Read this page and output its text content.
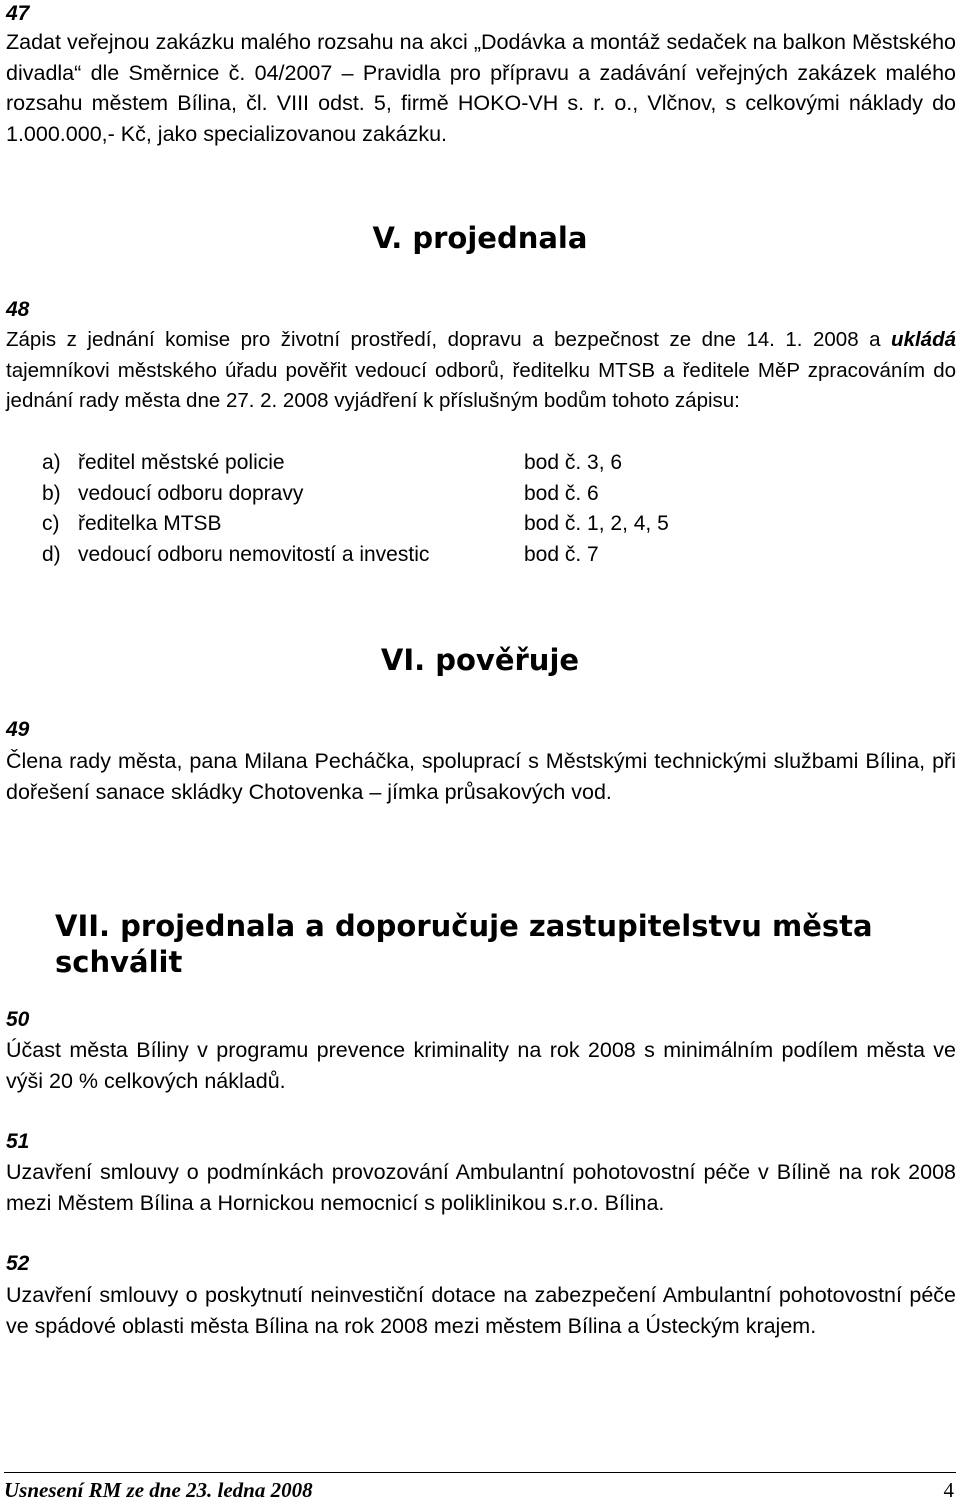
47
Zadat veřejnou zakázku malého rozsahu na akci „Dodávka a montáž sedaček na balkon Městského divadla“ dle Směrnice č. 04/2007 – Pravidla pro přípravu a zadávání veřejných zakázek malého rozsahu městem Bílina, čl. VIII odst. 5, firmě HOKO-VH s. r. o., Vlčnov, s celkovými náklady do 1.000.000,- Kč, jako specializovanou zakázku.
V. projednala
48
Zápis z jednání komise pro životní prostředí, dopravu a bezpečnost ze dne 14. 1. 2008 a ukládá tajemníkovi městského úřadu pověřit vedoucí odborů, ředitelku MTSB a ředitele MěP zpracováním do jednání rady města dne 27. 2. 2008 vyjádření k příslušným bodům tohoto zápisu:
a) ředitel městské policie	bod č. 3, 6
b) vedoucí odboru dopravy	bod č. 6
c) ředitelka MTSB	bod č. 1, 2, 4, 5
d) vedoucí odboru nemovitostí a investic	bod č. 7
VI. pověřuje
49
Člena rady města, pana Milana Pecháčka, spoluprací s Městskými technickými službami Bílina, při dořešení sanace skládky Chotovenka – jímka průsakových vod.
VII. projednala a doporučuje zastupitelstvu města schválit
50
Účast města Bíliny v programu prevence kriminality na rok 2008 s minimálním podílem města ve výši 20 % celkových nákladů.
51
Uzavření smlouvy o podmínkách provozování Ambulantní pohotovostní péče v Bílině na rok 2008 mezi Městem Bílina a Hornickou nemocnicí s poliklinikou s.r.o. Bílina.
52
Uzavření smlouvy o poskytnutí neinvestiční dotace na zabezpečení Ambulantní pohotovostní péče ve spádové oblasti města Bílina na rok 2008 mezi městem Bílina a Ústeckým krajem.
Usnesení RM ze dne 23. ledna 2008	4
